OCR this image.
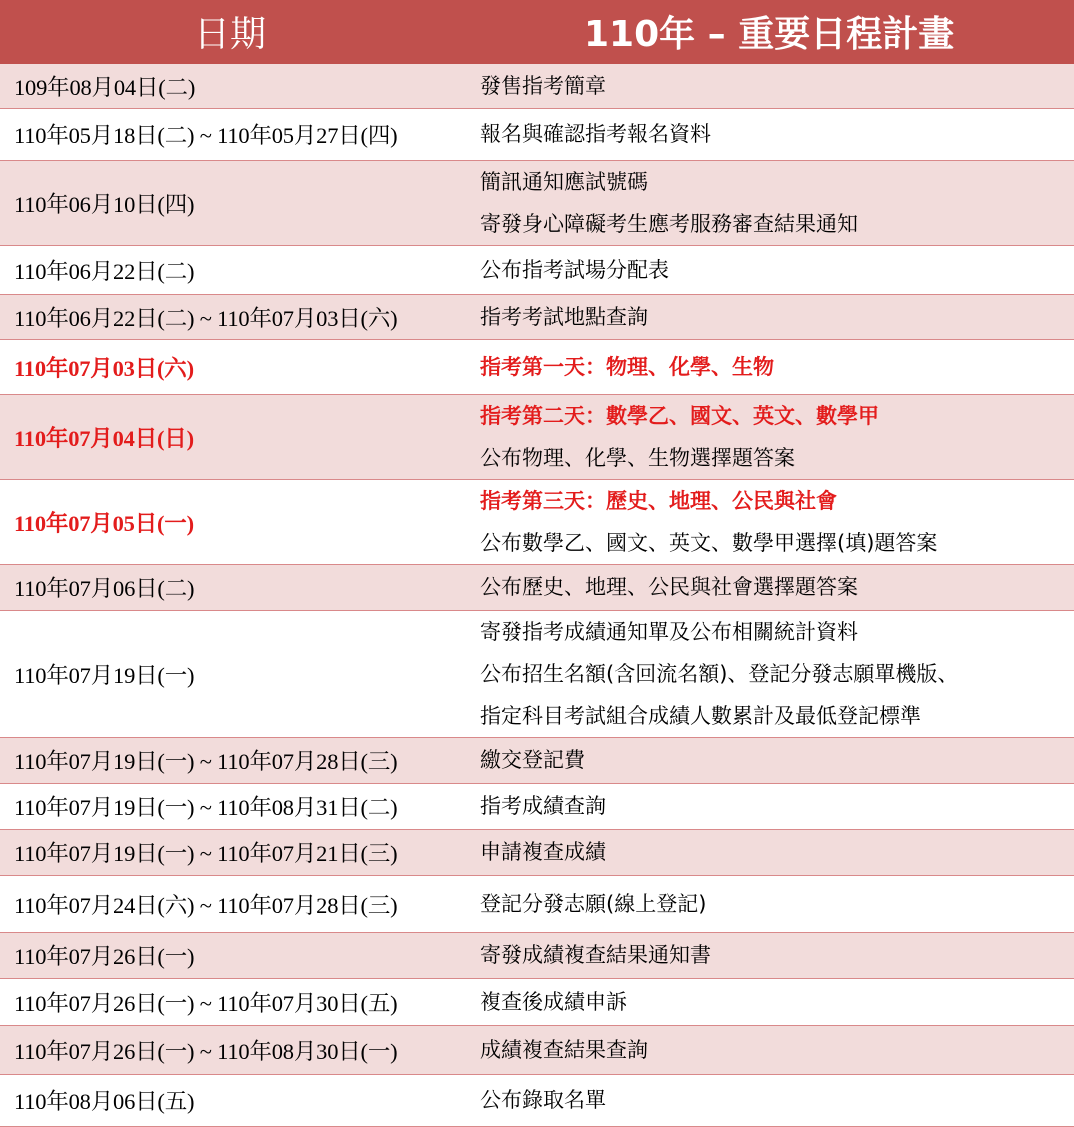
日期	110年 – 重要日程計畫
109年08月04日(二)	發售指考簡章

110年05月18日(二) ~ 110年05月27日(四)	報名與確認指考報名資料

110年06月10日(四)	簡訊通知應試號碼
寄發身心障礙考生應考服務審查結果通知

110年06月22日(二)	公布指考試場分配表

110年06月22日(二) ~ 110年07月03日(六)	指考考試地點查詢

110年07月03日(六)	指考第一天：物理、化學、生物

110年07月04日(日)	指考第二天：數學乙、國文、英文、數學甲
公布物理、化學、生物選擇題答案

110年07月05日(一)	指考第三天：歷史、地理、公民與社會
公布數學乙、國文、英文、數學甲選擇(填)題答案

110年07月06日(二)	公布歷史、地理、公民與社會選擇題答案

110年07月19日(一)	寄發指考成績通知單及公布相關統計資料
公布招生名額(含回流名額)、登記分發志願單機版、
指定科目考試組合成績人數累計及最低登記標準

110年07月19日(一) ~ 110年07月28日(三)	繳交登記費

110年07月19日(一) ~ 110年08月31日(二)	指考成績查詢

110年07月19日(一) ~ 110年07月21日(三)	申請複查成績

110年07月24日(六) ~ 110年07月28日(三)	登記分發志願(線上登記)

110年07月26日(一)	寄發成績複查結果通知書

110年07月26日(一) ~ 110年07月30日(五)	複查後成績申訴

110年07月26日(一) ~ 110年08月30日(一)	成績複查結果查詢

110年08月06日(五)	公布錄取名單
